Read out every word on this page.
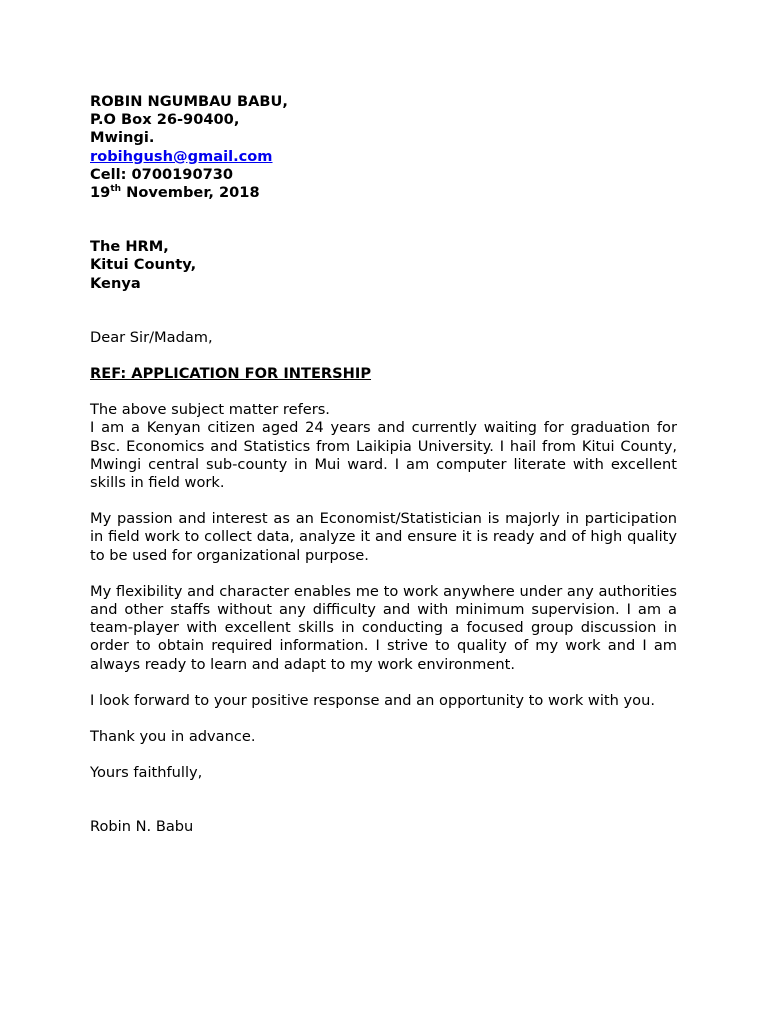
ROBIN NGUMBAU BABU,
P.O Box 26-90400,
Mwingi.
robihgush@gmail.com
Cell: 0700190730
19th November, 2018
The HRM,
Kitui County,
Kenya
Dear Sir/Madam,
REF: APPLICATION FOR INTERSHIP
The above subject matter refers.
I am a Kenyan citizen aged 24 years and currently waiting for graduation for Bsc. Economics and Statistics from Laikipia University. I hail from Kitui County, Mwingi central sub-county in Mui ward. I am computer literate with excellent skills in field work.
My passion and interest as an Economist/Statistician is majorly in participation in field work to collect data, analyze it and ensure it is ready and of high quality to be used for organizational purpose.
My flexibility and character enables me to work anywhere under any authorities and other staffs without any difficulty and with minimum supervision. I am a team-player with excellent skills in conducting a focused group discussion in order to obtain required information. I strive to quality of my work and I am always ready to learn and adapt to my work environment.
I look forward to your positive response and an opportunity to work with you.
Thank you in advance.
Yours faithfully,
Robin N. Babu
